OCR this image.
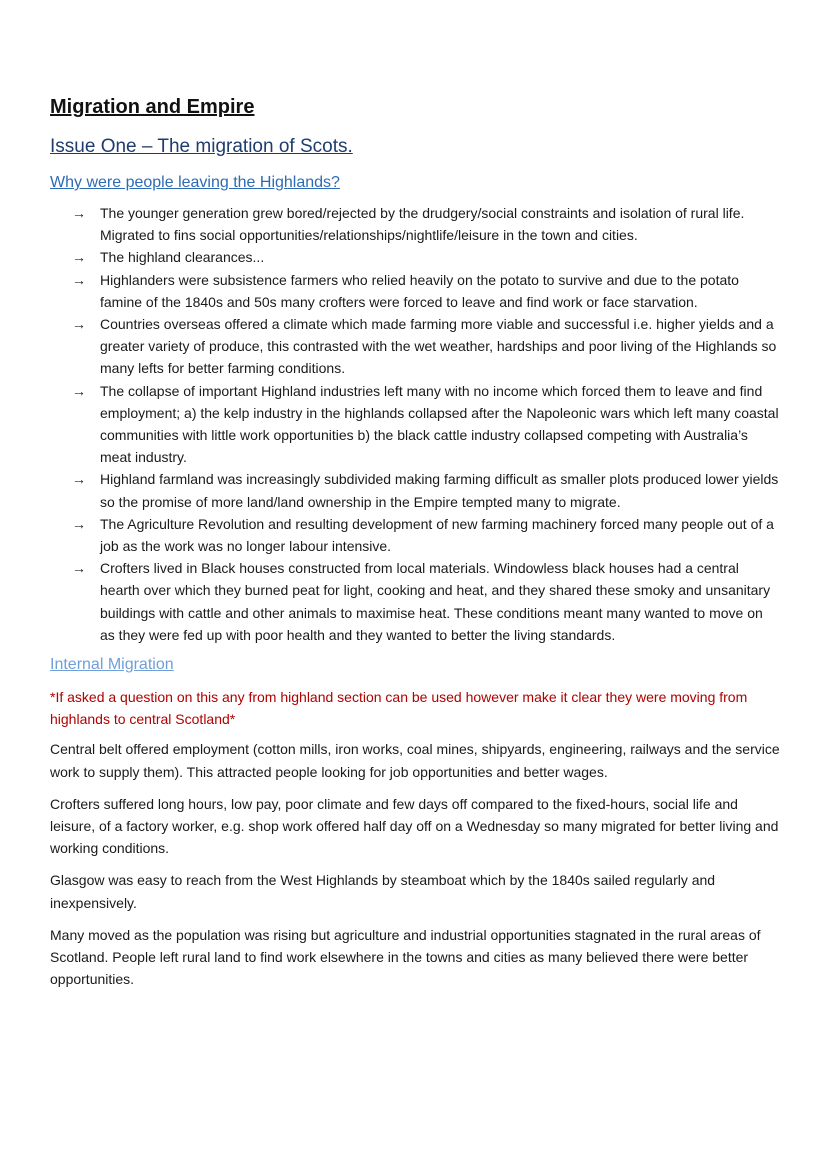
Migration and Empire
Issue One – The migration of Scots.
Why were people leaving the Highlands?
→ The younger generation grew bored/rejected by the drudgery/social constraints and isolation of rural life. Migrated to fins social opportunities/relationships/nightlife/leisure in the town and cities.
→ The highland clearances...
→ Highlanders were subsistence farmers who relied heavily on the potato to survive and due to the potato famine of the 1840s and 50s many crofters were forced to leave and find work or face starvation.
→ Countries overseas offered a climate which made farming more viable and successful i.e. higher yields and a greater variety of produce, this contrasted with the wet weather, hardships and poor living of the Highlands so many lefts for better farming conditions.
→ The collapse of important Highland industries left many with no income which forced them to leave and find employment; a) the kelp industry in the highlands collapsed after the Napoleonic wars which left many coastal communities with little work opportunities b) the black cattle industry collapsed competing with Australia’s meat industry.
→ Highland farmland was increasingly subdivided making farming difficult as smaller plots produced lower yields so the promise of more land/land ownership in the Empire tempted many to migrate.
→ The Agriculture Revolution and resulting development of new farming machinery forced many people out of a job as the work was no longer labour intensive.
→ Crofters lived in Black houses constructed from local materials. Windowless black houses had a central hearth over which they burned peat for light, cooking and heat, and they shared these smoky and unsanitary buildings with cattle and other animals to maximise heat. These conditions meant many wanted to move on as they were fed up with poor health and they wanted to better the living standards.
Internal Migration
*If asked a question on this any from highland section can be used however make it clear they were moving from highlands to central Scotland*
Central belt offered employment (cotton mills, iron works, coal mines, shipyards, engineering, railways and the service work to supply them). This attracted people looking for job opportunities and better wages.
Crofters suffered long hours, low pay, poor climate and few days off compared to the fixed-hours, social life and leisure, of a factory worker, e.g. shop work offered half day off on a Wednesday so many migrated for better living and working conditions.
Glasgow was easy to reach from the West Highlands by steamboat which by the 1840s sailed regularly and inexpensively.
Many moved as the population was rising but agriculture and industrial opportunities stagnated in the rural areas of Scotland. People left rural land to find work elsewhere in the towns and cities as many believed there were better opportunities.
